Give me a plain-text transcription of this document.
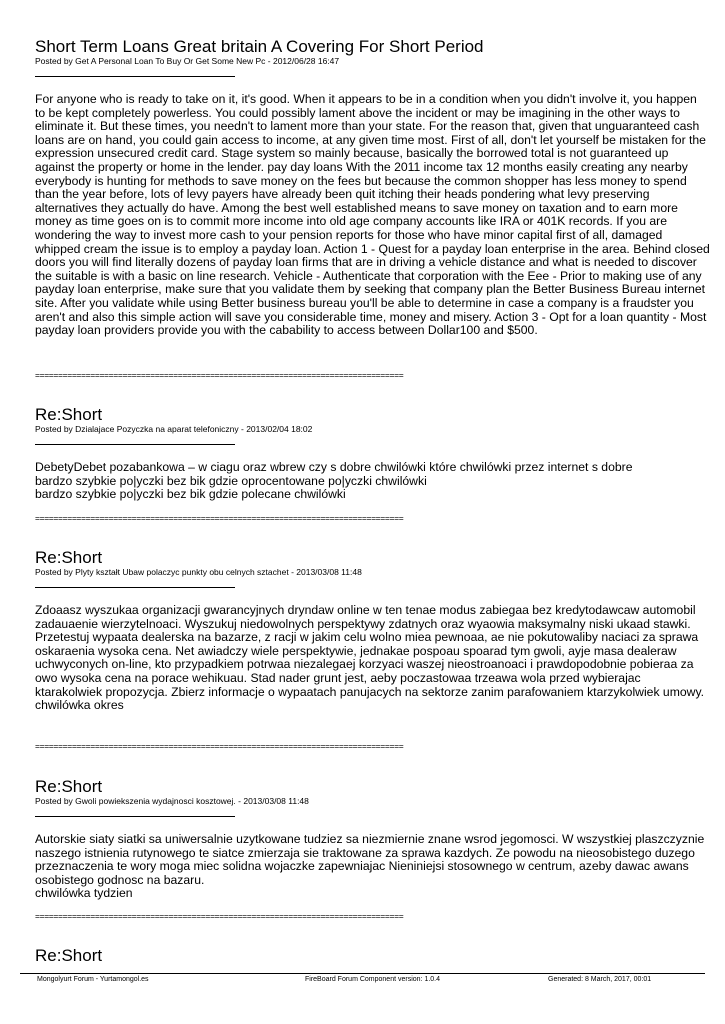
Short Term Loans Great britain A Covering For Short Period

Posted by Get A Personal Loan To Buy Or Get Some New Pc - 2012/06/28 16:47

For anyone who is ready to take on it, it's good. When it appears to be in a condition when you didn't involve it, you happen to be kept completely powerless. You could possibly lament above the incident or may be imagining in the other ways to eliminate it. But these times, you needn't to lament more than your state. For the reason that, given that unguaranteed cash loans are on hand, you could gain access to income, at any given time most. First of all, don't let yourself be mistaken for the expression unsecured credit card. Stage system so mainly because, basically the borrowed total is not guaranteed up against the property or home in the lender. pay day loans With the 2011 income tax 12 months easily creating any nearby everybody is hunting for methods to save money on the fees but because the common shopper has less money to spend than the year before, lots of levy payers have already been quit itching their heads pondering what levy preserving alternatives they actually do have. Among the best well established means to save money on taxation and to earn more money as time goes on is to commit more income into old age company accounts like IRA or 401K records. If you are wondering the way to invest more cash to your pension reports for those who have minor capital first of all, damaged whipped cream the issue is to employ a payday loan. Action 1 - Quest for a payday loan enterprise in the area. Behind closed doors you will find literally dozens of payday loan firms that are in driving a vehicle distance and what is needed to discover the suitable is with a basic on line research. Vehicle - Authenticate that corporation with the Eee - Prior to making use of any payday loan enterprise, make sure that you validate them by seeking that company plan the Better Business Bureau internet site. After you validate while using Better business bureau you'll be able to determine in case a company is a fraudster you aren't and also this simple action will save you considerable time, money and misery. Action 3 - Opt for a loan quantity - Most payday loan providers provide you with the cabability to access between Dollar100 and $500.

================================================================================
Re:Short

Posted by Dzialajace Pozyczka na aparat telefoniczny - 2013/02/04 18:02

DebetyDebet pozabankowa – w ciagu oraz wbrew czy s dobre chwilówki które chwilówki przez internet s dobre
bardzo szybkie po|yczki bez bik gdzie oprocentowane po|yczki chwilówki
bardzo szybkie po|yczki bez bik gdzie polecane chwilówki

================================================================================
Re:Short

Posted by Plyty kształt Ubaw polaczyc punkty obu celnych sztachet - 2013/03/08 11:48

Zdoaasz wyszukaa organizacji gwarancyjnych dryndaw online w ten tenae modus zabiegaa bez kredytodawcaw automobil zadauaenie wierzytelnoaci. Wyszukuj niedowolnych perspektywy zdatnych oraz wyaowia maksymalny niski ukaad stawki. Przetestuj wypaata dealerska na bazarze, z racji w jakim celu wolno miea pewnoaa, ae nie pokutowaliby naciaci za sprawa oskaraenia wysoka cena. Net awiadczy wiele perspektywie, jednakae pospoau spoarad tym gwoli, ayje masa dealeraw uchwyconych on-line, kto przypadkiem potrwaa niezalegaej korzyaci waszej nieostroanoaci i prawdopodobnie pobieraa za owo wysoka cena na porace wehikuau. Stad nader grunt jest, aeby poczastowaa trzeawa wola przed wybierajac ktarakolwiek propozycja. Zbierz informacje o wypaatach panujacych na sektorze zanim parafowaniem ktarzykolwiek umowy.
chwilówka okres

================================================================================
Re:Short

Posted by Gwoli powiekszenia wydajnosci kosztowej. - 2013/03/08 11:48

Autorskie siaty siatki sa uniwersalnie uzytkowane tudziez sa niezmiernie znane wsrod jegomosci. W wszystkiej plaszczyznie naszego istnienia rutynowego te siatce zmierzaja sie traktowane za sprawa kazdych. Ze powodu na nieosobistego duzego przeznaczenia te wory moga miec solidna wojaczke zapewniajac Nieniniejsi stosownego w centrum, azeby dawac awans osobistego godnosc na bazaru.
chwilówka tydzien

================================================================================
Re:Short
Mongolyurt Forum - Yurtamongol.es	FireBoard Forum Component version: 1.0.4	Generated: 8 March, 2017, 00:01
